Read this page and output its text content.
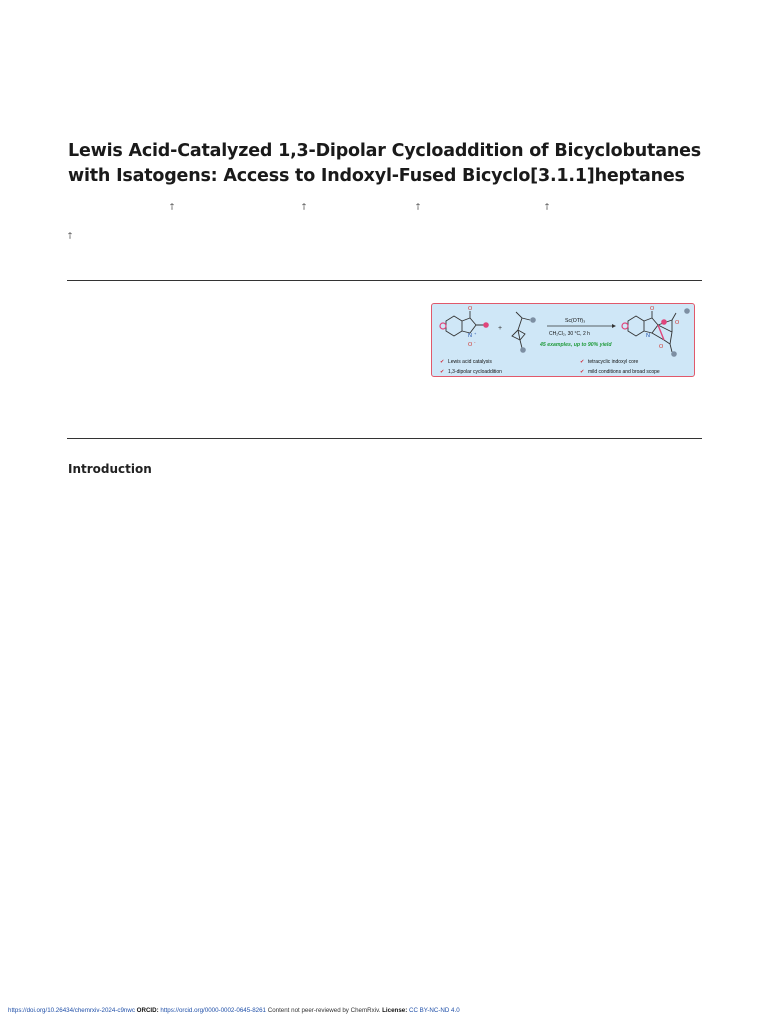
Lewis Acid-Catalyzed 1,3-Dipolar Cycloaddition of Bicyclobutanes with Isatogens: Access to Indoxyl-Fused Bicyclo[3.1.1]heptanes
†	†	†	†
†
O
N +
O -
+
Sc(OTf)₃
CH₂Cl₂, 30 °C, 2 h
45 examples, up to 90% yield
O
N
O
O
✔ Lewis acid catalysis
✔ 1,3-dipolar cycloaddition
✔ tetracyclic indoxyl core
✔ mild conditions and broad scope
Introduction
https://doi.org/10.26434/chemrxiv-2024-c9nwc ORCID: https://orcid.org/0000-0002-0645-8261 Content not peer-reviewed by ChemRxiv. License: CC BY-NC-ND 4.0
